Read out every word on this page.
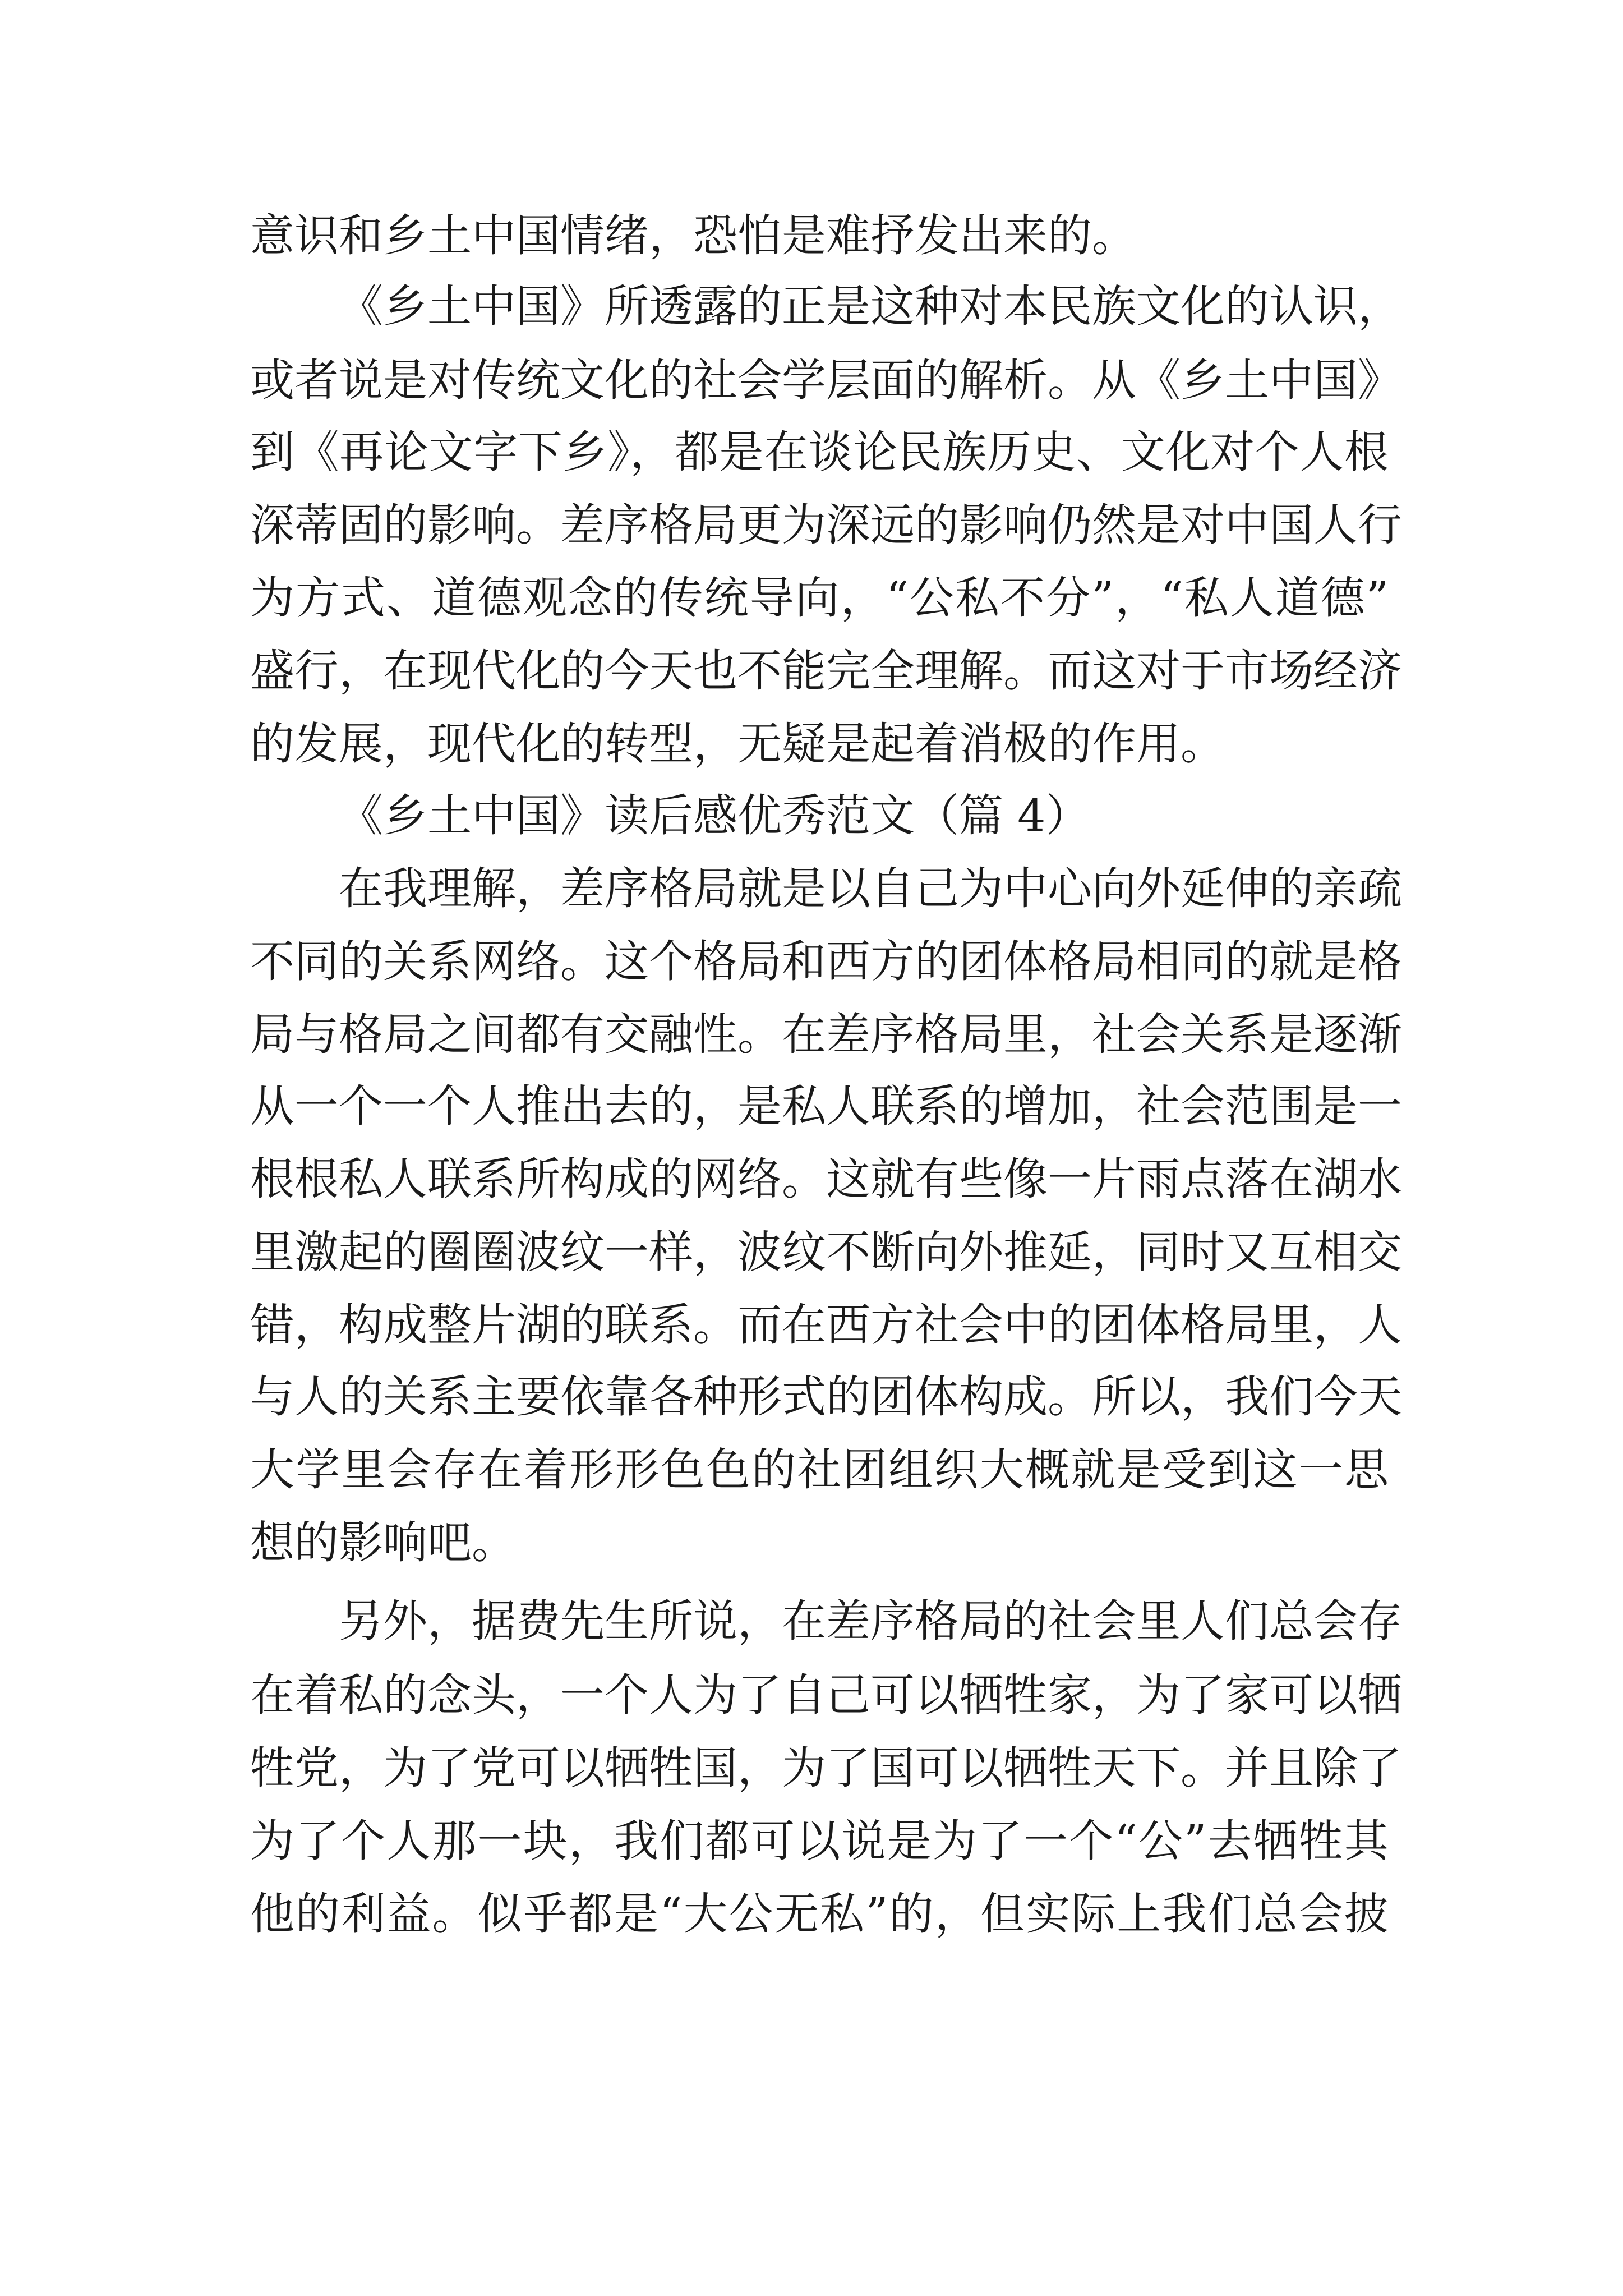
意识和乡土中国情绪，恐怕是难抒发出来的。

《乡土中国》所透露的正是这种对本民族文化的认识，

或者说是对传统文化的社会学层面的解析。从《乡土中国》

到《再论文字下乡》，都是在谈论民族历史、文化对个人根

深蒂固的影响。差序格局更为深远的影响仍然是对中国人行

为方式、道德观念的传统导向，“公私不分”，“私人道德”

盛行，在现代化的今天也不能完全理解。而这对于市场经济

的发展，现代化的转型，无疑是起着消极的作用。

《乡土中国》读后感优秀范文（篇 4）

在我理解，差序格局就是以自己为中心向外延伸的亲疏

不同的关系网络。这个格局和西方的团体格局相同的就是格

局与格局之间都有交融性。在差序格局里，社会关系是逐渐

从一个一个人推出去的，是私人联系的增加，社会范围是一

根根私人联系所构成的网络。这就有些像一片雨点落在湖水

里激起的圈圈波纹一样，波纹不断向外推延，同时又互相交

错，构成整片湖的联系。而在西方社会中的团体格局里，人

与人的关系主要依靠各种形式的团体构成。所以，我们今天

大学里会存在着形形色色的社团组织大概就是受到这一思

想的影响吧。

另外，据费先生所说，在差序格局的社会里人们总会存

在着私的念头，一个人为了自己可以牺牲家，为了家可以牺

牲党，为了党可以牺牲国，为了国可以牺牲天下。并且除了

为了个人那一块，我们都可以说是为了一个“公”去牺牲其

他的利益。似乎都是“大公无私”的，但实际上我们总会披
